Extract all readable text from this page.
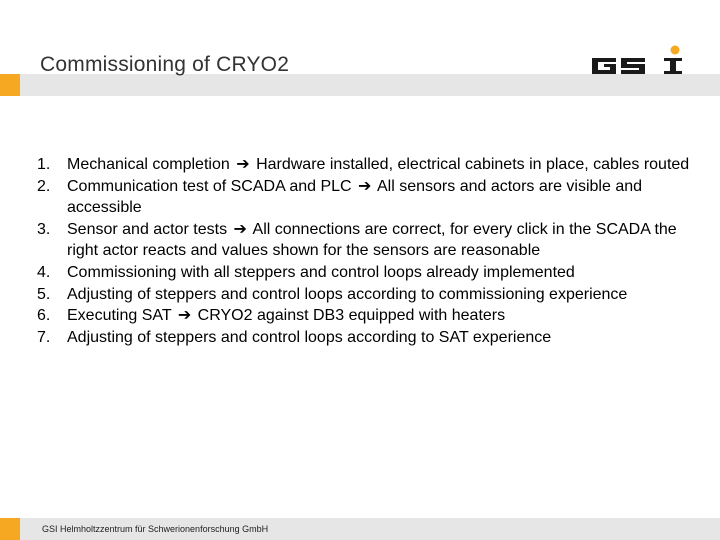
Commissioning of CRYO2
1.	Mechanical completion ➔ Hardware installed, electrical cabinets in place, cables routed
2.	Communication test of SCADA and PLC ➔ All sensors and actors are visible and accessible
3.	Sensor and actor tests ➔ All connections are correct, for every click in the SCADA the right actor reacts and values shown for the sensors are reasonable
4.	Commissioning with all steppers and control loops already implemented
5.	Adjusting of steppers and control loops according to commissioning experience
6.	Executing SAT ➔ CRYO2 against DB3 equipped with heaters
7.	Adjusting of steppers and control loops according to SAT experience
GSI Helmholtzzentrum für Schwerionenforschung GmbH
